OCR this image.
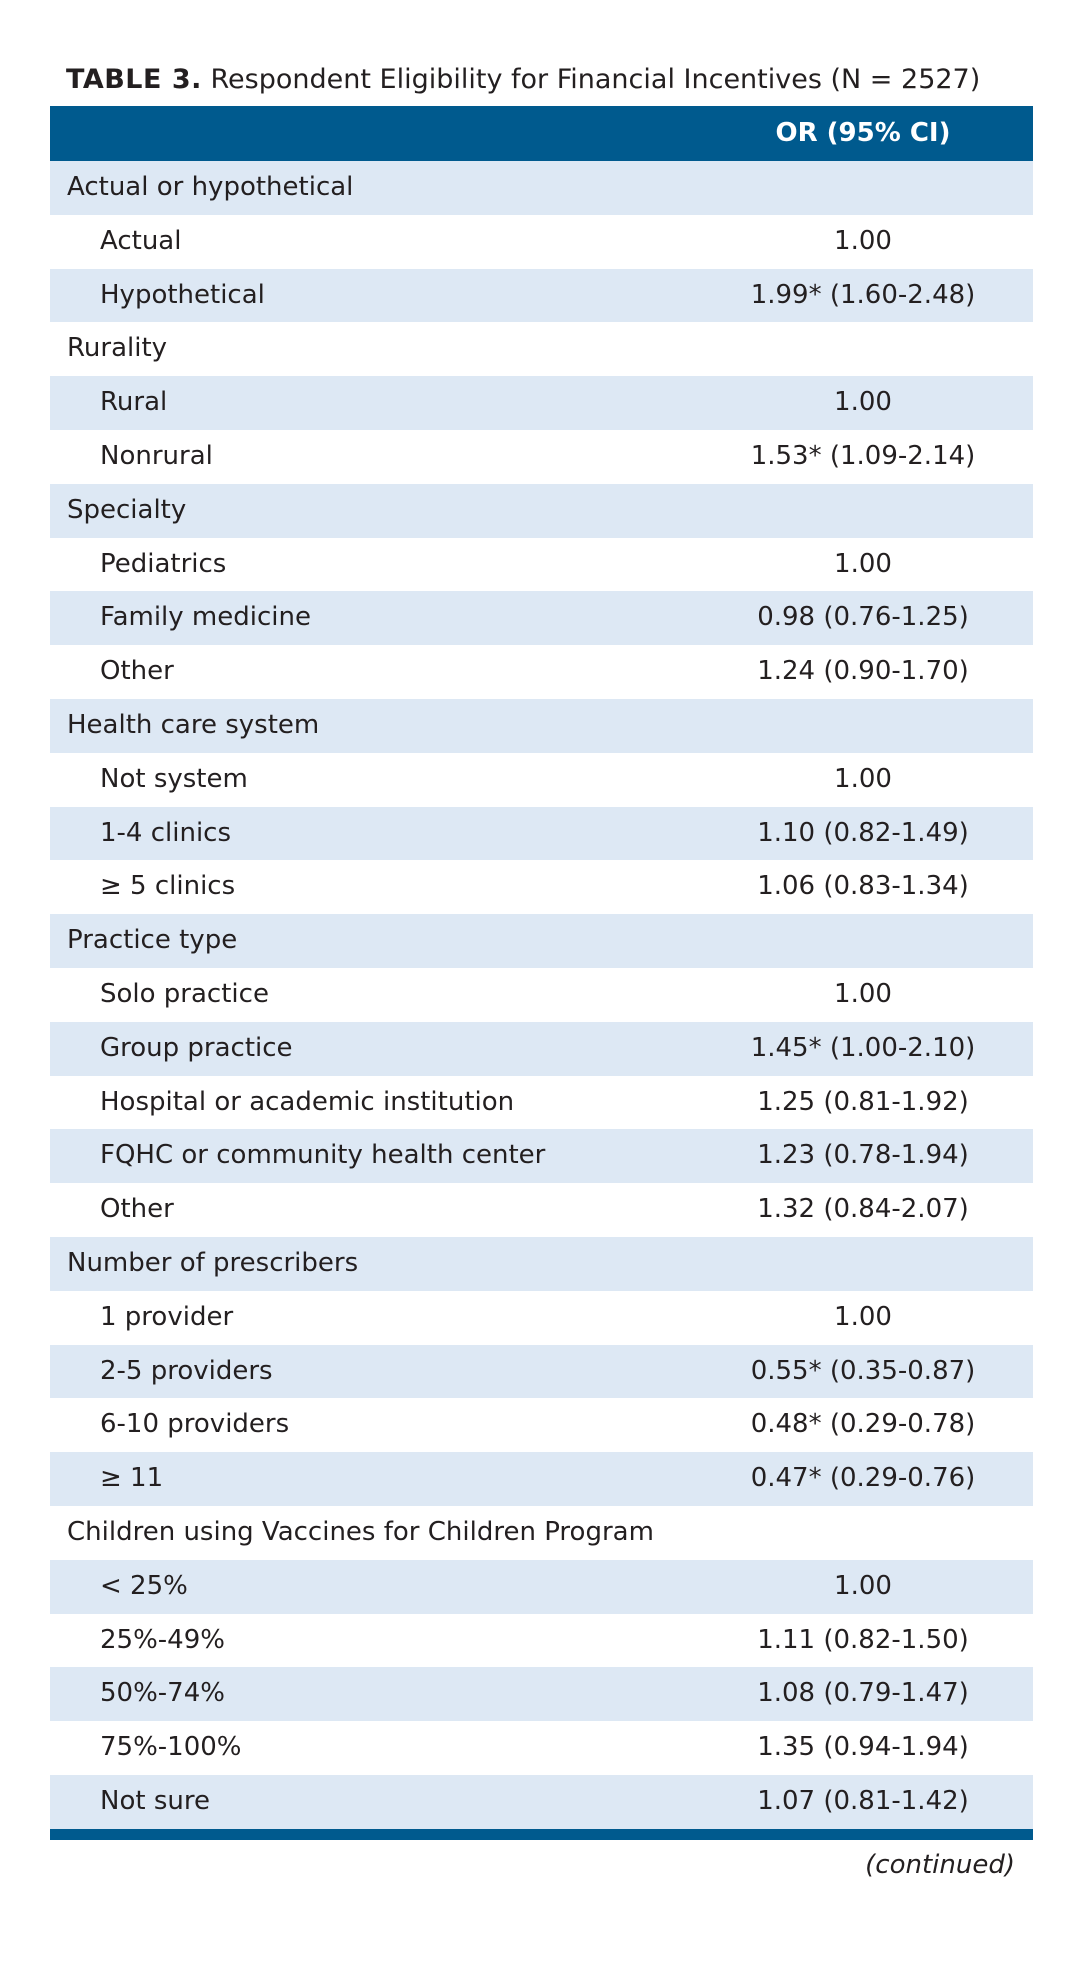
TABLE 3. Respondent Eligibility for Financial Incentives (N = 2527)
OR (95% CI)
Actual or hypothetical
Actual	1.00
Hypothetical	1.99* (1.60-2.48)
Rurality
Rural	1.00
Nonrural	1.53* (1.09-2.14)
Specialty
Pediatrics	1.00
Family medicine	0.98 (0.76-1.25)
Other	1.24 (0.90-1.70)
Health care system
Not system	1.00
1-4 clinics	1.10 (0.82-1.49)
≥ 5 clinics	1.06 (0.83-1.34)
Practice type
Solo practice	1.00
Group practice	1.45* (1.00-2.10)
Hospital or academic institution	1.25 (0.81-1.92)
FQHC or community health center	1.23 (0.78-1.94)
Other	1.32 (0.84-2.07)
Number of prescribers
1 provider	1.00
2-5 providers	0.55* (0.35-0.87)
6-10 providers	0.48* (0.29-0.78)
≥ 11	0.47* (0.29-0.76)
Children using Vaccines for Children Program
< 25%	1.00
25%-49%	1.11 (0.82-1.50)
50%-74%	1.08 (0.79-1.47)
75%-100%	1.35 (0.94-1.94)
Not sure	1.07 (0.81-1.42)
(continued)
